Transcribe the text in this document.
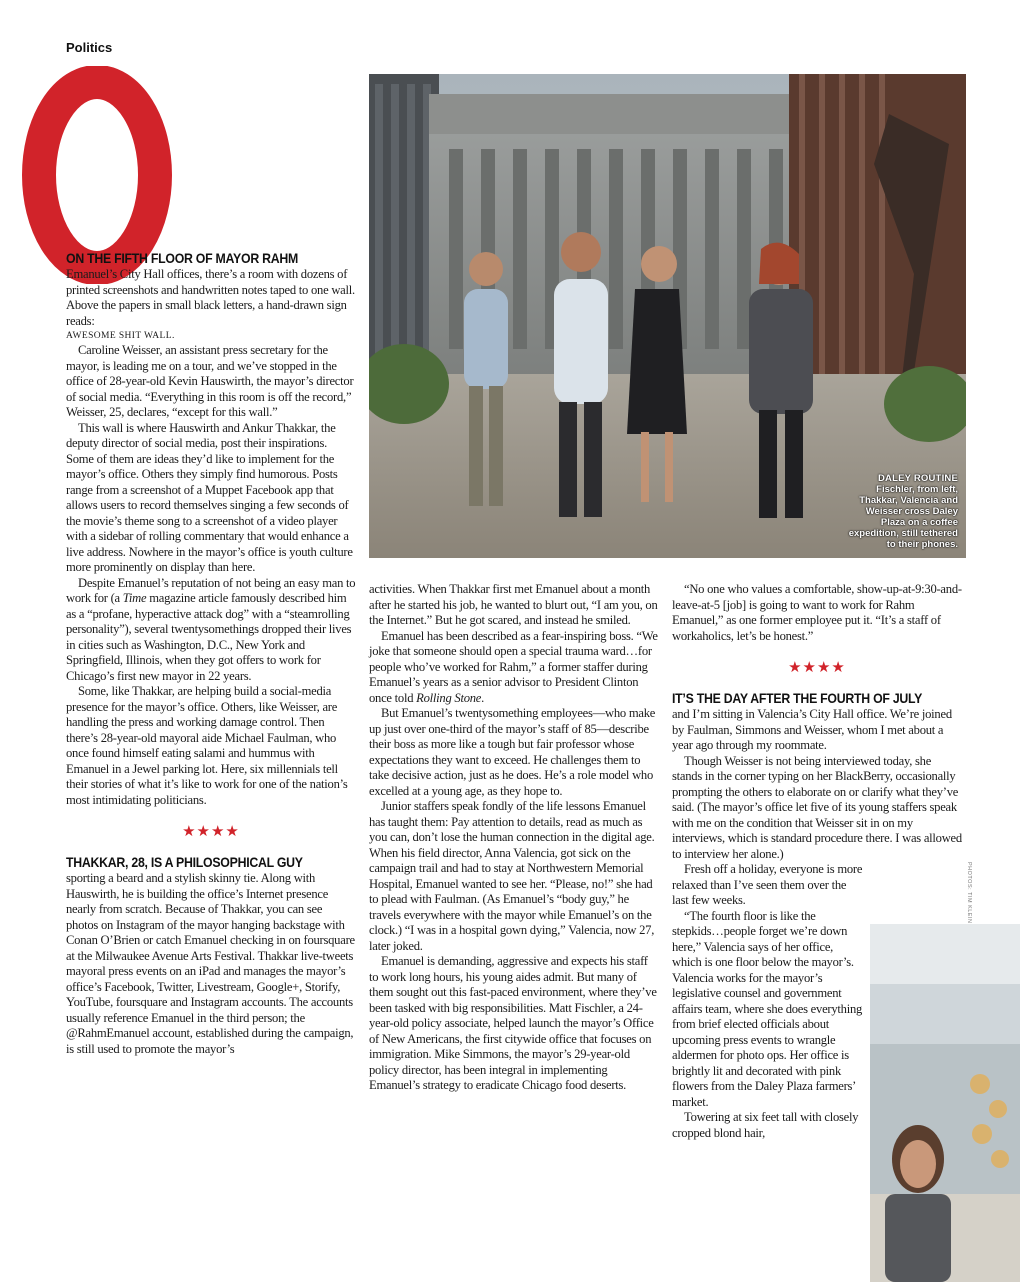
Politics
DALEY ROUTINE
Fischler, from left, Thakkar, Valencia and Weisser cross Daley Plaza on a coffee expedition, still tethered to their phones.
PHOTOS: TIM KLEIN
ON THE FIFTH FLOOR OF MAYOR RAHM

Emanuel’s City Hall offices, there’s a room with dozens of printed screenshots and handwritten notes taped to one wall. Above the papers in small black letters, a hand-drawn sign reads:
AWESOME SHIT WALL.

Caroline Weisser, an assistant press secretary for the mayor, is leading me on a tour, and we’ve stopped in the office of 28-year-old Kevin Hauswirth, the mayor’s director of social media. “Everything in this room is off the record,” Weisser, 25, declares, “except for this wall.”

This wall is where Hauswirth and Ankur Thakkar, the deputy director of social media, post their inspirations. Some of them are ideas they’d like to implement for the mayor’s office. Others they simply find humorous. Posts range from a screenshot of a Muppet Facebook app that allows users to record themselves singing a few seconds of the movie’s theme song to a screenshot of a video player with a sidebar of rolling commentary that would enhance a live address. Nowhere in the mayor’s office is youth culture more prominently on display than here.

Despite Emanuel’s reputation of not being an easy man to work for (a Time magazine article famously described him as a “profane, hyperactive attack dog” with a “steamrolling personality”), several twentysomethings dropped their lives in cities such as Washington, D.C., New York and Springfield, Illinois, when they got offers to work for Chicago’s first new mayor in 22 years.

Some, like Thakkar, are helping build a social-media presence for the mayor’s office. Others, like Weisser, are handling the press and working damage control. Then there’s 28-year-old mayoral aide Michael Faulman, who once found himself eating salami and hummus with Emanuel in a Jewel parking lot. Here, six millennials tell their stories of what it’s like to work for one of the nation’s most intimidating politicians.

★★★★
THAKKAR, 28, IS A PHILOSOPHICAL GUY

sporting a beard and a stylish skinny tie. Along with Hauswirth, he is building the office’s Internet presence nearly from scratch. Because of Thakkar, you can see photos on Instagram of the mayor hanging backstage with Conan O’Brien or catch Emanuel checking in on foursquare at the Milwaukee Avenue Arts Festival. Thakkar live-tweets mayoral press events on an iPad and manages the mayor’s office’s Facebook, Twitter, Livestream, Google+, Storify, YouTube, foursquare and Instagram accounts. The accounts usually reference Emanuel in the third person; the @RahmEmanuel account, established during the campaign, is still used to promote the mayor’s

activities. When Thakkar first met Emanuel about a month after he started his job, he wanted to blurt out, “I am you, on the Internet.” But he got scared, and instead he smiled.

Emanuel has been described as a fear-inspiring boss. “We joke that someone should open a special trauma ward…for people who’ve worked for Rahm,” a former staffer during Emanuel’s years as a senior advisor to President Clinton once told Rolling Stone.

But Emanuel’s twentysomething employees—who make up just over one-third of the mayor’s staff of 85—describe their boss as more like a tough but fair professor whose expectations they want to exceed. He challenges them to take decisive action, just as he does. He’s a role model who excelled at a young age, as they hope to.

Junior staffers speak fondly of the life lessons Emanuel has taught them: Pay attention to details, read as much as you can, don’t lose the human connection in the digital age. When his field director, Anna Valencia, got sick on the campaign trail and had to stay at Northwestern Memorial Hospital, Emanuel wanted to see her. “Please, no!” she had to plead with Faulman. (As Emanuel’s “body guy,” he travels everywhere with the mayor while Emanuel’s on the clock.) “I was in a hospital gown dying,” Valencia, now 27, later joked.

Emanuel is demanding, aggressive and expects his staff to work long hours, his young aides admit. But many of them sought out this fast-paced environment, where they’ve been tasked with big responsibilities. Matt Fischler, a 24-year-old policy associate, helped launch the mayor’s Office of New Americans, the first citywide office that focuses on immigration. Mike Simmons, the mayor’s 29-year-old policy director, has been integral in implementing Emanuel’s strategy to eradicate Chicago food deserts.

“No one who values a comfortable, show-up-at-9:30-and-leave-at-5 [job] is going to want to work for Rahm Emanuel,” as one former employee put it. “It’s a staff of workaholics, let’s be honest.”

★★★★
IT’S THE DAY AFTER THE FOURTH OF JULY

and I’m sitting in Valencia’s City Hall office. We’re joined by Faulman, Simmons and Weisser, whom I met about a year ago through my roommate.

Though Weisser is not being interviewed today, she stands in the corner typing on her BlackBerry, occasionally prompting the others to elaborate on or clarify what they’ve said. (The mayor’s office let five of its young staffers speak with me on the condition that Weisser sit in on my interviews, which is standard procedure there. I was allowed to interview her alone.)

Fresh off a holiday, everyone is more relaxed than I’ve seen them over the last few weeks.

“The fourth floor is like the stepkids…people forget we’re down here,” Valencia says of her office, which is one floor below the mayor’s. Valencia works for the mayor’s legislative counsel and government affairs team, where she does everything from brief elected officials about upcoming press events to wrangle aldermen for photo ops. Her office is brightly lit and decorated with pink flowers from the Daley Plaza farmers’ market.

Towering at six feet tall with closely cropped blond hair,
